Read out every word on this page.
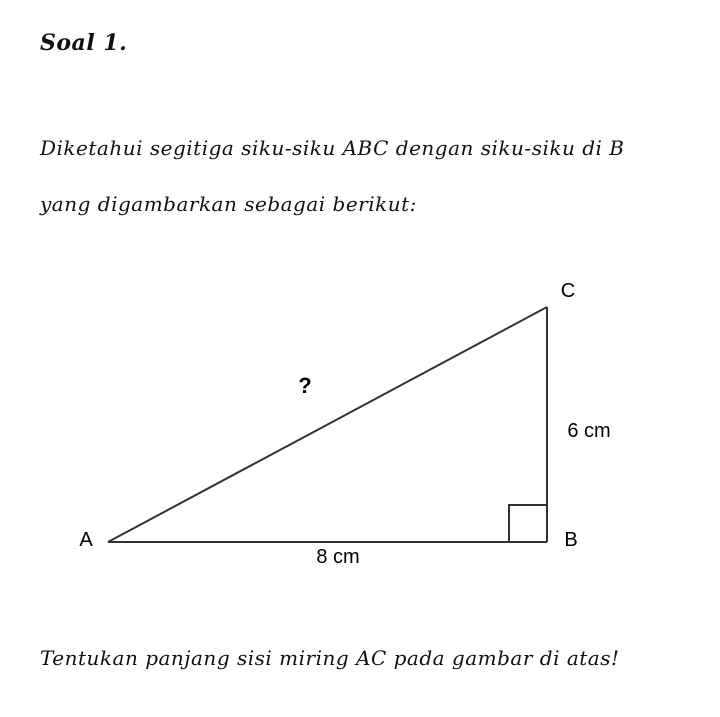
Soal 1.
Diketahui segitiga siku-siku ABC dengan siku-siku di B yang digambarkan sebagai berikut:
A	B
C
8 cm
6 cm
?
Tentukan panjang sisi miring AC pada gambar di atas!
